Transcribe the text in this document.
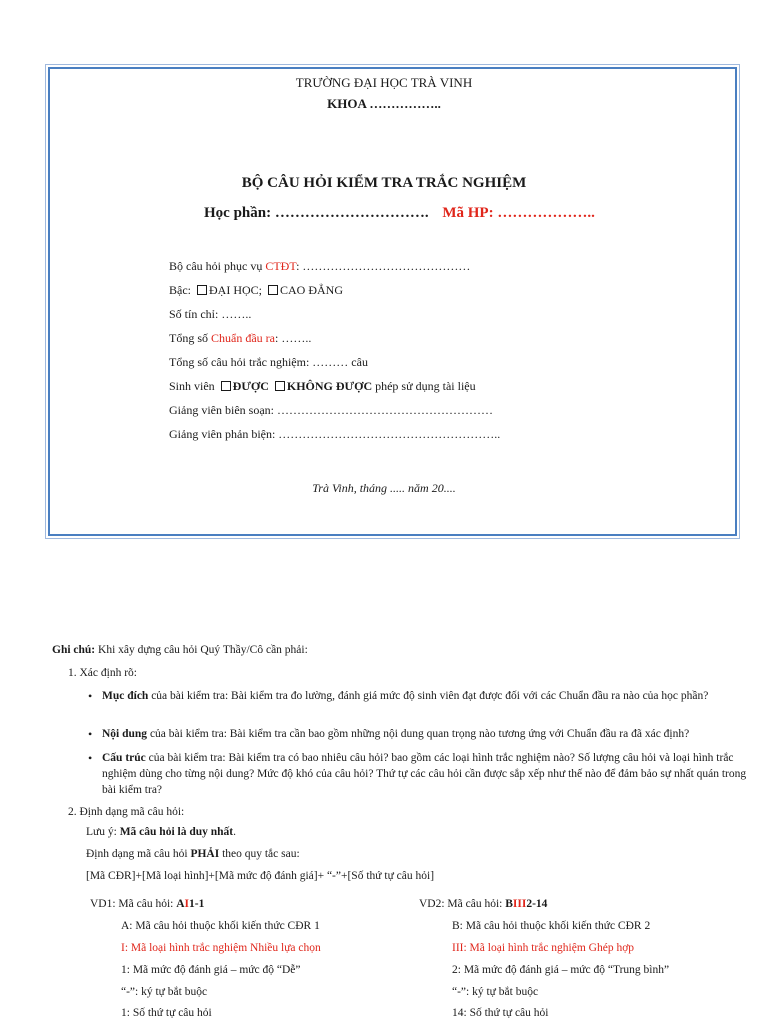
TRƯỜNG ĐẠI HỌC TRÀ VINH
KHOA ……………..
BỘ CÂU HỎI KIỂM TRA TRẮC NGHIỆM
Học phần: …………………………. Mã HP: ………………..
Bộ câu hỏi phục vụ CTĐT: ……………………………………
Bậc: ĐẠI HỌC; CAO ĐẲNG
Số tín chỉ: ……..
Tổng số Chuẩn đầu ra: ……..
Tổng số câu hỏi trắc nghiệm: ……… câu
Sinh viên ĐƯỢC KHÔNG ĐƯỢC phép sử dụng tài liệu
Giảng viên biên soạn: ………………………………………………
Giảng viên phản biện: ………………………………………………..
Trà Vinh, tháng ..... năm 20....
Ghi chú: Khi xây dựng câu hỏi Quý Thầy/Cô cần phải:
1. Xác định rõ:
• Mục đích của bài kiểm tra: Bài kiểm tra đo lường, đánh giá mức độ sinh viên đạt được đối với các Chuẩn đầu ra nào của học phần?
• Nội dung của bài kiểm tra: Bài kiểm tra cần bao gồm những nội dung quan trọng nào tương ứng với Chuẩn đầu ra đã xác định?
• Cấu trúc của bài kiểm tra: Bài kiểm tra có bao nhiêu câu hỏi? bao gồm các loại hình trắc nghiệm nào? Số lượng câu hỏi và loại hình trắc nghiệm dùng cho từng nội dung? Mức độ khó của câu hỏi? Thứ tự các câu hỏi cần được sắp xếp như thế nào để đảm bảo sự nhất quán trong bài kiểm tra?
2. Định dạng mã câu hỏi:
Lưu ý: Mã câu hỏi là duy nhất.
Định dạng mã câu hỏi PHẢI theo quy tắc sau:
[Mã CĐR]+[Mã loại hình]+[Mã mức độ đánh giá]+ “-”+[Số thứ tự câu hỏi]
VD1: Mã câu hỏi: AI1-1
A: Mã câu hỏi thuộc khối kiến thức CĐR 1
I: Mã loại hình trắc nghiệm Nhiều lựa chọn
1: Mã mức độ đánh giá – mức độ “Dễ”
“-”: ký tự bắt buộc
1: Số thứ tự câu hỏi
VD2: Mã câu hỏi: BIII2-14
B: Mã câu hỏi thuộc khối kiến thức CĐR 2
III: Mã loại hình trắc nghiệm Ghép hợp
2: Mã mức độ đánh giá – mức độ “Trung bình”
“-”: ký tự bắt buộc
14: Số thứ tự câu hỏi
